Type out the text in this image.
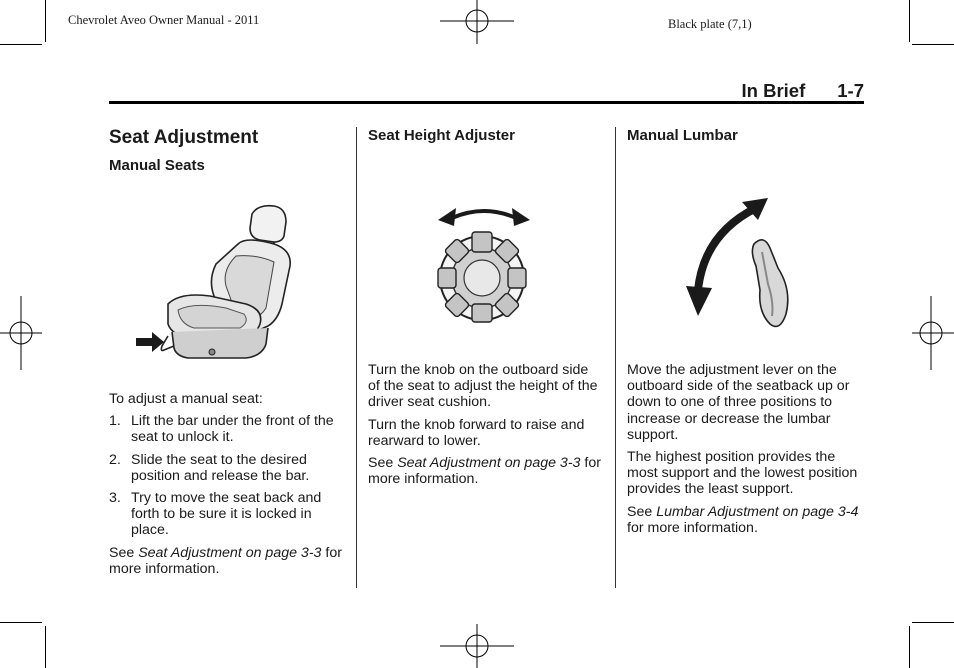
Chevrolet Aveo Owner Manual - 2011	Black plate (7,1)
In Brief 1-7
Seat Adjustment
Manual Seats

To adjust a manual seat:

1. Lift the bar under the front of the seat to unlock it.
2. Slide the seat to the desired position and release the bar.
3. Try to move the seat back and forth to be sure it is locked in place.

See Seat Adjustment on page 3-3 for more information.

Seat Height Adjuster

Turn the knob on the outboard side of the seat to adjust the height of the driver seat cushion.

Turn the knob forward to raise and rearward to lower.

See Seat Adjustment on page 3-3 for more information.

Manual Lumbar

Move the adjustment lever on the outboard side of the seatback up or down to one of three positions to increase or decrease the lumbar support.

The highest position provides the most support and the lowest position provides the least support.

See Lumbar Adjustment on page 3-4 for more information.
